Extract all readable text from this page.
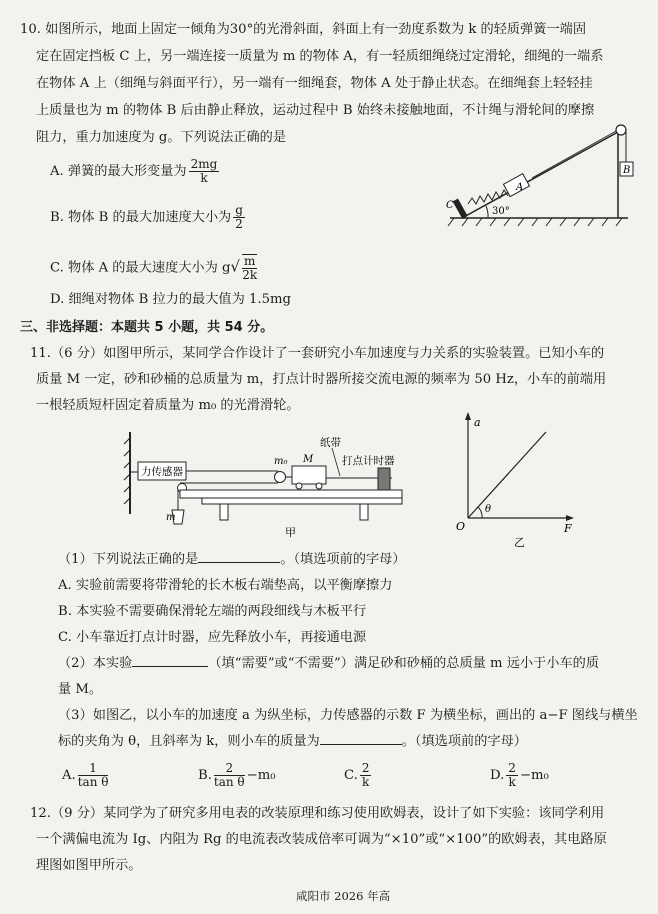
10. 如图所示，地面上固定一倾角为30°的光滑斜面，斜面上有一劲度系数为 k 的轻质弹簧一端固
定在固定挡板 C 上，另一端连接一质量为 m 的物体 A，有一轻质细绳绕过定滑轮，细绳的一端系
在物体 A 上（细绳与斜面平行），另一端有一细绳套，物体 A 处于静止状态。在细绳套上轻轻挂
上质量也为 m 的物体 B 后由静止释放，运动过程中 B 始终未接触地面，不计绳与滑轮间的摩擦
阻力，重力加速度为 g。下列说法正确的是
A. 弹簧的最大形变量为 $\frac{2mg}{k}$
B. 物体 B 的最大加速度大小为 $\frac{g}{2}$
C. 物体 A 的最大速度大小为 $g√ \frac{m}{2k}$
D. 细绳对物体 B 拉力的最大值为 1.5mg
B
A
C
30°
三、非选择题：本题共 5 小题，共 54 分。
11.（6 分）如图甲所示，某同学合作设计了一套研究小车加速度与力关系的实验装置。已知小车的
质量 M 一定，砂和砂桶的总质量为 m，打点计时器所接交流电源的频率为 50 Hz，小车的前端用
一根轻质短杆固定着质量为 m₀ 的光滑滑轮。
力传感器
m
m₀ M
纸带
打点计时器
甲
a
θ
O	F
乙
（1）下列说法正确的是	。（填选项前的字母）
A. 实验前需要将带滑轮的长木板右端垫高，以平衡摩擦力
B. 本实验不需要确保滑轮左端的两段细线与木板平行
C. 小车靠近打点计时器，应先释放小车，再接通电源
（2）本实验	（填“需要”或“不需要”）满足砂和砂桶的总质量 m 远小于小车的质
量 M。
（3）如图乙，以小车的加速度 a 为纵坐标，力传感器的示数 F 为横坐标，画出的 a−F 图线与横坐
标的夹角为 θ，且斜率为 k，则小车的质量为	。（填选项前的字母）
A. $\frac{1}{\text{tan θ}}$	B. $\frac{2}{\text{tan θ}} -m_0$	C. $\frac{2}{k}$	D. $\frac{2}{k} -m_0$
12.（9 分）某同学为了研究多用电表的改装原理和练习使用欧姆表，设计了如下实验：该同学利用
一个满偏电流为 Ig、内阻为 Rg 的电流表改装成倍率可调为“×10”或“×100”的欧姆表，其电路原
理图如图甲所示。
咸阳市 2026 年高
